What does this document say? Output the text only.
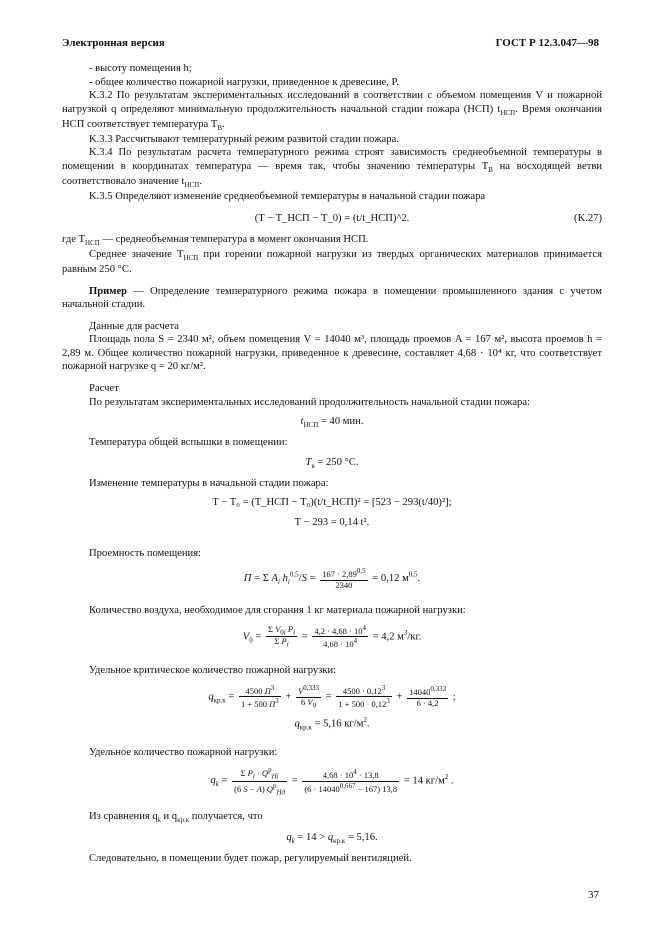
Электронная версия	ГОСТ Р 12.3.047—98

- высоту помещения h;

- общее количество пожарной нагрузки, приведенное к древесине, P.

K.3.2 По результатам экспериментальных исследований в соответствии с объемом помещения V и пожарной нагрузкой q определяют минимальную продолжительность начальной стадии пожара (НСП) $t_{НСП}$. Время окончания НСП соответствует температура $T_В$.

K.3.3 Рассчитывают температурный режим развитой стадии пожара.

K.3.4 По результатам расчета температурного режима строят зависимость среднеобъемной температуры в помещении в координатах температура — время так, чтобы значению температуры $T_В$ на восходящей ветви соответствовало значение $t_{НСП}$.

K.3.5 Определяют изменение среднеобъемной температуры в начальной стадии пожара

(T − T_НСП − T_0) = (t/t_НСП)^2.	(K.27)

где $T_{НСП}$ — среднеобъемная температура в момент окончания НСП.

Среднее значение $T_{НСП}$ при горении пожарной нагрузки из твердых органических материалов принимается равным 250 °С.

Пример — Определение температурного режима пожара в помещении промышленного здания с учетом начальной стадии.

Данные для расчета

Площадь пола S = 2340 м², объем помещения V = 14040 м³, площадь проемов A = 167 м², высота проемов h = 2,89 м. Общее количество пожарной нагрузки, приведенное к древесине, составляет 4,68 · 10⁴ кг, что соответствует пожарной нагрузке q = 20 кг/м².

Расчет

По результатам экспериментальных исследований продолжительность начальной стадии пожара:

$t_{НСП} = 40$ мин.

Температура общей вспышки в помещении:

$T_в = 250$ °С.

Изменение температуры в начальной стадии пожара:

T − T₀ = (T_НСП − T₀)(t/t_НСП)² = [523 − 293(t/40)²];
T − 293 = 0,14 t².

Проемность помещения:

П = Σ $A_i$ $h_i^{0,5}/S = \frac{167 \cdot 2,89^{0,5}}{2340} = 0,12$ $м^{0,5}$.

Количество воздуха, необходимое для сгорания 1 кг материала пожарной нагрузки:

$V_0 = \frac{\Sigma V_{0i} P_i}{\Sigma P_i} = \frac{4,2 \cdot 4,68 \cdot 10^4}{4,68 \cdot 10^4} = 4,2$ $м^3/кг$.

Удельное критическое количество пожарной нагрузки:

$q_{кр.к} = \frac{4500 П^3}{1 + 500 П^3} + \frac{V^{0,333}}{6 V_0} = \frac{4500 \cdot 0,12^3}{1 + 500 \cdot 0,12^3} + \frac{14040^{0,333}}{6 \cdot 4,2}$ ;
$q_{кр.к} = 5,16$ $кг/м^2$.

Удельное количество пожарной нагрузки:

$q_k = \frac{\Sigma P_i \cdot Q^р_{Hi}}{(6 S - A) Q^р_{Hд}} = \frac{4,68 \cdot 10^4 \cdot 13,8}{(6 \cdot 14040^{0,667} - 167) 13,8} = 14$ $кг/м^2$ .

Из сравнения $q_k$ и $q_{кр.к}$ получается, что

$q_k = 14 > q_{кр.к} = 5,16$.

Следовательно, в помещении будет пожар, регулируемый вентиляцией.

37
